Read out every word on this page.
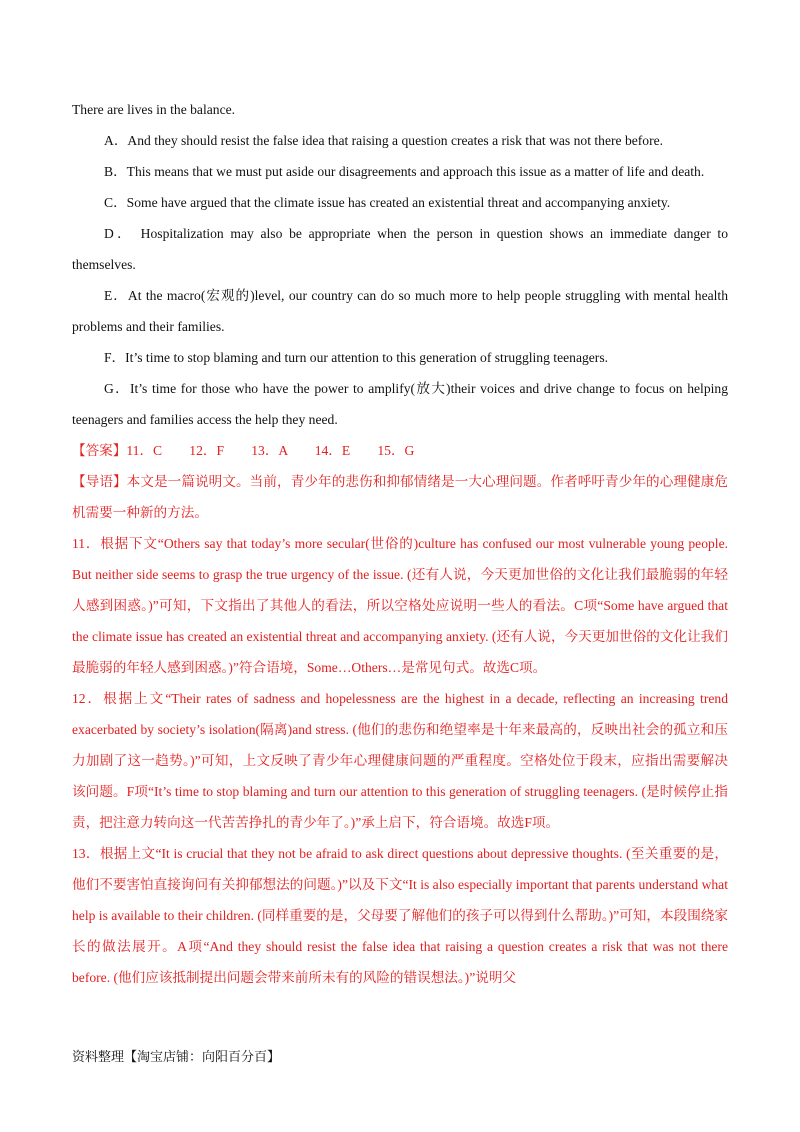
There are lives in the balance.

A．And they should resist the false idea that raising a question creates a risk that was not there before.

B．This means that we must put aside our disagreements and approach this issue as a matter of life and death.

C．Some have argued that the climate issue has created an existential threat and accompanying anxiety.

D． Hospitalization may also be appropriate when the person in question shows an immediate danger to themselves.

E．At the macro(宏观的)level, our country can do so much more to help people struggling with mental health problems and their families.

F．It’s time to stop blaming and turn our attention to this generation of struggling teenagers.

G．It’s time for those who have the power to amplify(放大)their voices and drive change to focus on helping teenagers and families access the help they need.

【答案】11．C　　12．F　　13．A　　14．E　　15．G

【导语】本文是一篇说明文。当前，青少年的悲伤和抑郁情绪是一大心理问题。作者呼吁青少年的心理健康危机需要一种新的方法。

11．根据下文“Others say that today’s more secular(世俗的)culture has confused our most vulnerable young people. But neither side seems to grasp the true urgency of the issue. (还有人说，今天更加世俗的文化让我们最脆弱的年轻人感到困惑。)”可知，下文指出了其他人的看法，所以空格处应说明一些人的看法。C项“Some have argued that the climate issue has created an existential threat and accompanying anxiety. (还有人说，今天更加世俗的文化让我们最脆弱的年轻人感到困惑。)”符合语境，Some…Others…是常见句式。故选C项。

12．根据上文“Their rates of sadness and hopelessness are the highest in a decade, reflecting an increasing trend exacerbated by society’s isolation(隔离)and stress. (他们的悲伤和绝望率是十年来最高的，反映出社会的孤立和压力加剧了这一趋势。)”可知，上文反映了青少年心理健康问题的严重程度。空格处位于段末，应指出需要解决该问题。F项“It’s time to stop blaming and turn our attention to this generation of struggling teenagers. (是时候停止指责，把注意力转向这一代苦苦挣扎的青少年了。)”承上启下，符合语境。故选F项。

13．根据上文“It is crucial that they not be afraid to ask direct questions about depressive thoughts. (至关重要的是，他们不要害怕直接询问有关抑郁想法的问题。)”以及下文“It is also especially important that parents understand what help is available to their children. (同样重要的是，父母要了解他们的孩子可以得到什么帮助。)”可知，本段围绕家长的做法展开。A项“And they should resist the false idea that raising a question creates a risk that was not there before. (他们应该抵制提出问题会带来前所未有的风险的错误想法。)”说明父

资料整理【淘宝店铺：向阳百分百】
